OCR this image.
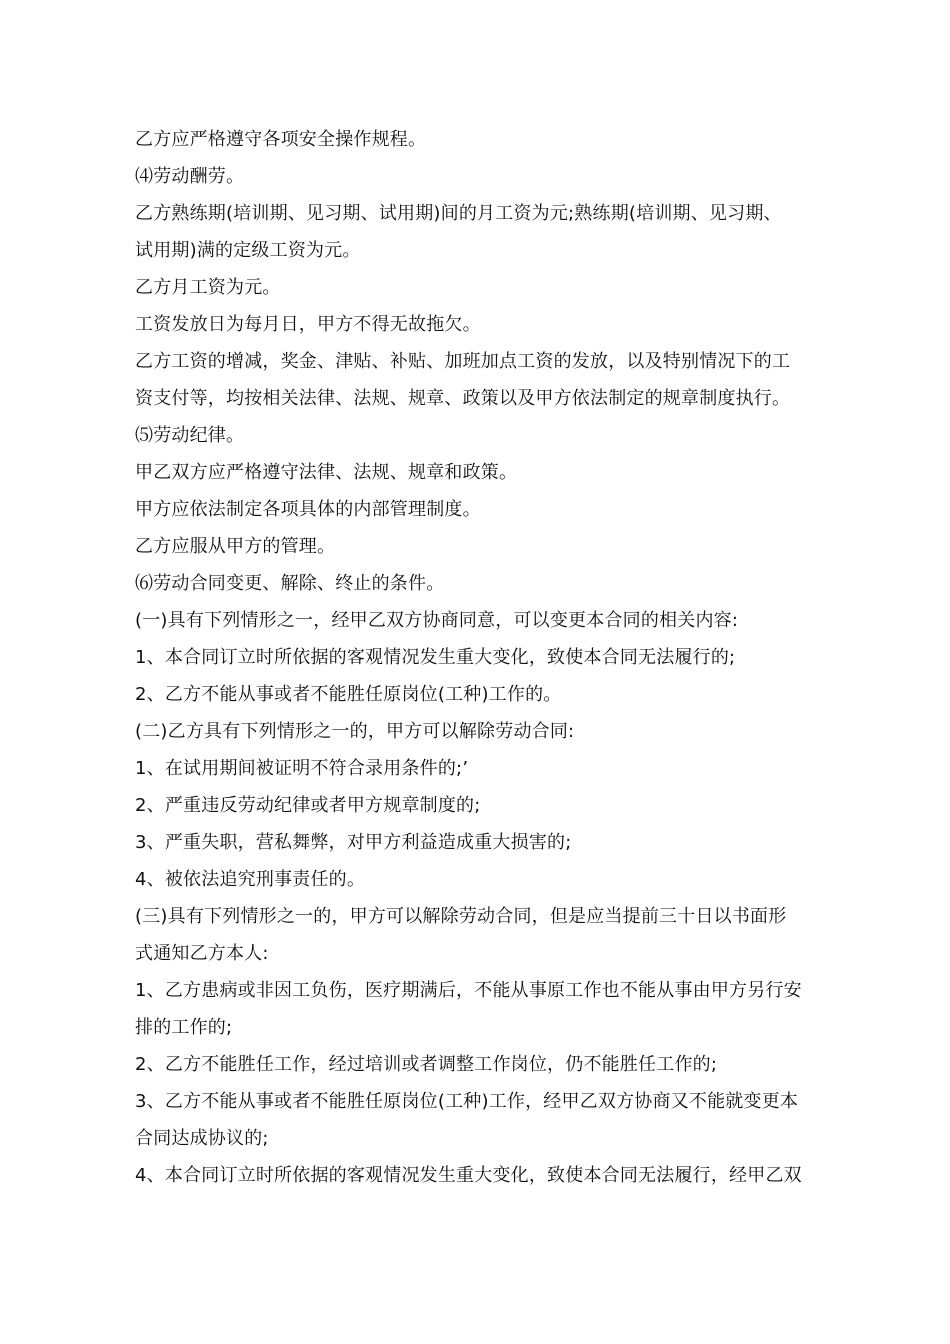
乙方应严格遵守各项安全操作规程。

⑷劳动酬劳。

乙方熟练期(培训期、见习期、试用期)间的月工资为元;熟练期(培训期、见习期、
试用期)满的定级工资为元。

乙方月工资为元。

工资发放日为每月日，甲方不得无故拖欠。

乙方工资的增减，奖金、津贴、补贴、加班加点工资的发放，以及特别情况下的工
资支付等，均按相关法律、法规、规章、政策以及甲方依法制定的规章制度执行。

⑸劳动纪律。

甲乙双方应严格遵守法律、法规、规章和政策。

甲方应依法制定各项具体的内部管理制度。

乙方应服从甲方的管理。

⑹劳动合同变更、解除、终止的条件。

(一)具有下列情形之一，经甲乙双方协商同意，可以变更本合同的相关内容:

1、本合同订立时所依据的客观情况发生重大变化，致使本合同无法履行的;

2、乙方不能从事或者不能胜任原岗位(工种)工作的。

(二)乙方具有下列情形之一的，甲方可以解除劳动合同:

1、在试用期间被证明不符合录用条件的;’

2、严重违反劳动纪律或者甲方规章制度的;

3、严重失职，营私舞弊，对甲方利益造成重大损害的;

4、被依法追究刑事责任的。

(三)具有下列情形之一的，甲方可以解除劳动合同，但是应当提前三十日以书面形
式通知乙方本人:

1、乙方患病或非因工负伤，医疗期满后，不能从事原工作也不能从事由甲方另行安
排的工作的;

2、乙方不能胜任工作，经过培训或者调整工作岗位，仍不能胜任工作的;

3、乙方不能从事或者不能胜任原岗位(工种)工作，经甲乙双方协商又不能就变更本
合同达成协议的;

4、本合同订立时所依据的客观情况发生重大变化，致使本合同无法履行，经甲乙双
